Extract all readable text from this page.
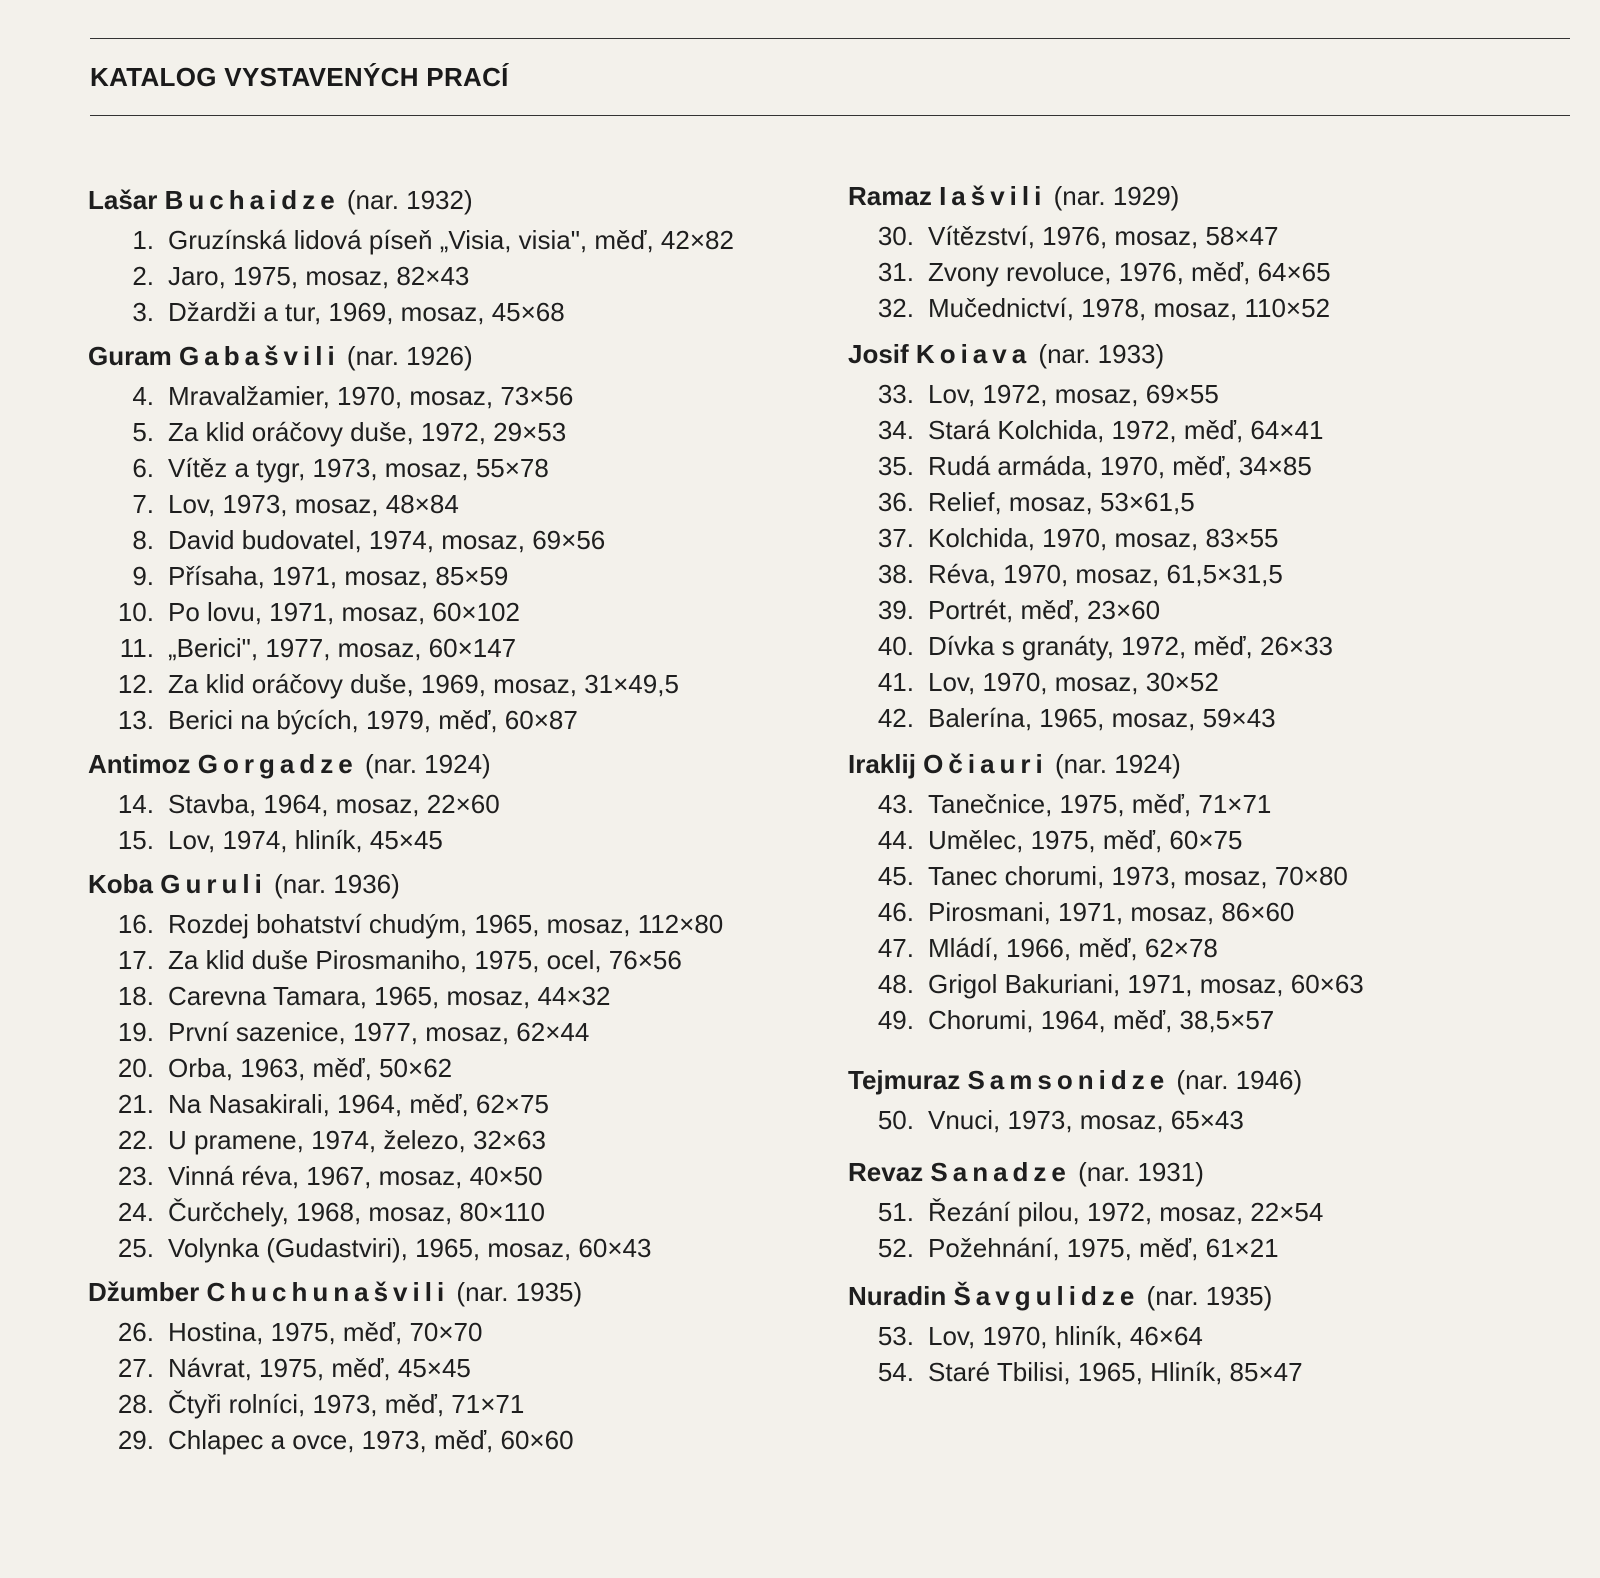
KATALOG VYSTAVENÝCH PRACÍ
Lašar Buchaidze (nar. 1932)
1. Gruzínská lidová píseň „Visia, visia", měď, 42×82
2. Jaro, 1975, mosaz, 82×43
3. Džardži a tur, 1969, mosaz, 45×68
Guram Gabašvili (nar. 1926)
4. Mravalžamier, 1970, mosaz, 73×56
5. Za klid oráčovy duše, 1972, 29×53
6. Vítěz a tygr, 1973, mosaz, 55×78
7. Lov, 1973, mosaz, 48×84
8. David budovatel, 1974, mosaz, 69×56
9. Přísaha, 1971, mosaz, 85×59
10. Po lovu, 1971, mosaz, 60×102
11. „Berici", 1977, mosaz, 60×147
12. Za klid oráčovy duše, 1969, mosaz, 31×49,5
13. Berici na býcích, 1979, měď, 60×87
Antimoz Gorgadze (nar. 1924)
14. Stavba, 1964, mosaz, 22×60
15. Lov, 1974, hliník, 45×45
Koba Guruli (nar. 1936)
16. Rozdej bohatství chudým, 1965, mosaz, 112×80
17. Za klid duše Pirosmaniho, 1975, ocel, 76×56
18. Carevna Tamara, 1965, mosaz, 44×32
19. První sazenice, 1977, mosaz, 62×44
20. Orba, 1963, měď, 50×62
21. Na Nasakirali, 1964, měď, 62×75
22. U pramene, 1974, železo, 32×63
23. Vinná réva, 1967, mosaz, 40×50
24. Čurčchely, 1968, mosaz, 80×110
25. Volynka (Gudastviri), 1965, mosaz, 60×43
Džumber Chuchunašvili (nar. 1935)
26. Hostina, 1975, měď, 70×70
27. Návrat, 1975, měď, 45×45
28. Čtyři rolníci, 1973, měď, 71×71
29. Chlapec a ovce, 1973, měď, 60×60
Ramaz Iašvili (nar. 1929)
30. Vítězství, 1976, mosaz, 58×47
31. Zvony revoluce, 1976, měď, 64×65
32. Mučednictví, 1978, mosaz, 110×52
Josif Koiava (nar. 1933)
33. Lov, 1972, mosaz, 69×55
34. Stará Kolchida, 1972, měď, 64×41
35. Rudá armáda, 1970, měď, 34×85
36. Relief, mosaz, 53×61,5
37. Kolchida, 1970, mosaz, 83×55
38. Réva, 1970, mosaz, 61,5×31,5
39. Portrét, měď, 23×60
40. Dívka s granáty, 1972, měď, 26×33
41. Lov, 1970, mosaz, 30×52
42. Balerína, 1965, mosaz, 59×43
Iraklij Očiauri (nar. 1924)
43. Tanečnice, 1975, měď, 71×71
44. Umělec, 1975, měď, 60×75
45. Tanec chorumi, 1973, mosaz, 70×80
46. Pirosmani, 1971, mosaz, 86×60
47. Mládí, 1966, měď, 62×78
48. Grigol Bakuriani, 1971, mosaz, 60×63
49. Chorumi, 1964, měď, 38,5×57
Tejmuraz Samsonidze (nar. 1946)
50. Vnuci, 1973, mosaz, 65×43
Revaz Sanadze (nar. 1931)
51. Řezání pilou, 1972, mosaz, 22×54
52. Požehnání, 1975, měď, 61×21
Nuradin Šavgulidze (nar. 1935)
53. Lov, 1970, hliník, 46×64
54. Staré Tbilisi, 1965, Hliník, 85×47
